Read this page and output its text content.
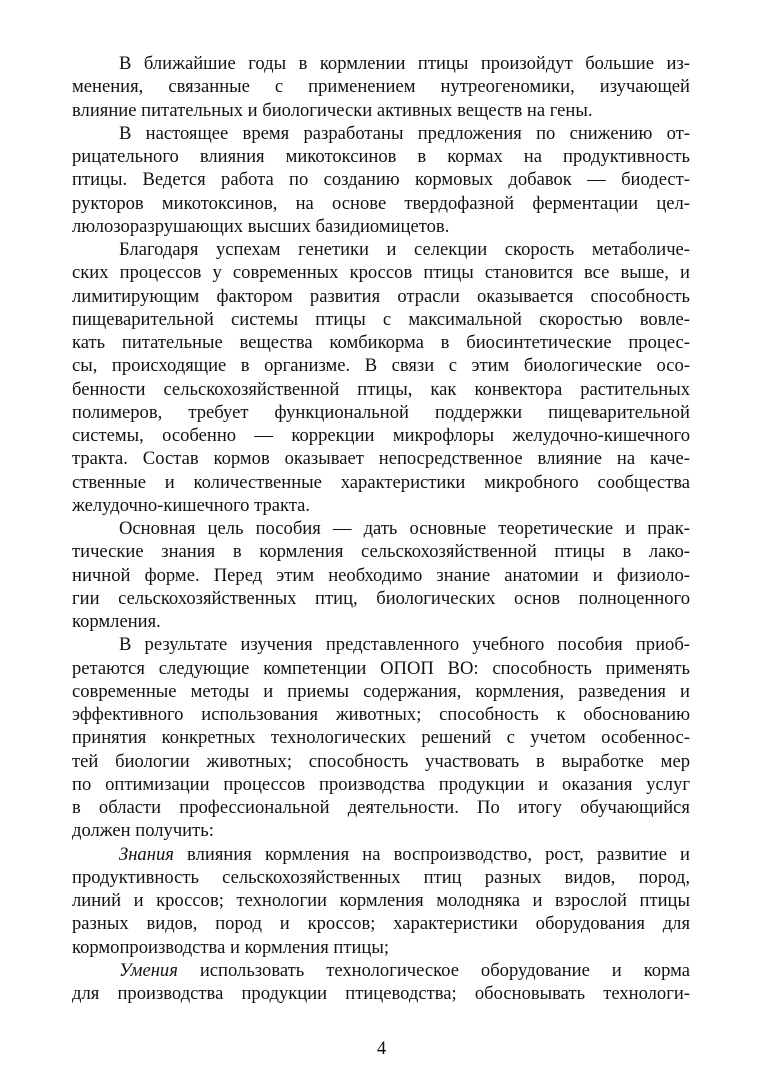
В ближайшие годы в кормлении птицы произойдут большие из-
менения, связанные с применением нутреогеномики, изучающей
влияние питательных и биологически активных веществ на гены.
В настоящее время разработаны предложения по снижению от-
рицательного влияния микотоксинов в кормах на продуктивность
птицы. Ведется работа по созданию кормовых добавок — биодест-
рукторов микотоксинов, на основе твердофазной ферментации цел-
люлозоразрушающих высших базидиомицетов.
Благодаря успехам генетики и селекции скорость метаболиче-
ских процессов у современных кроссов птицы становится все выше, и
лимитирующим фактором развития отрасли оказывается способность
пищеварительной системы птицы с максимальной скоростью вовле-
кать питательные вещества комбикорма в биосинтетические процес-
сы, происходящие в организме. В связи с этим биологические осо-
бенности сельскохозяйственной птицы, как конвектора растительных
полимеров, требует функциональной поддержки пищеварительной
системы, особенно — коррекции микрофлоры желудочно-кишечного
тракта. Состав кормов оказывает непосредственное влияние на каче-
ственные и количественные характеристики микробного сообщества
желудочно-кишечного тракта.
Основная цель пособия — дать основные теоретические и прак-
тические знания в кормления сельскохозяйственной птицы в лако-
ничной форме. Перед этим необходимо знание анатомии и физиоло-
гии сельскохозяйственных птиц, биологических основ полноценного
кормления.
В результате изучения представленного учебного пособия приоб-
ретаются следующие компетенции ОПОП ВО: способность применять
современные методы и приемы содержания, кормления, разведения и
эффективного использования животных; способность к обоснованию
принятия конкретных технологических решений с учетом особеннос-
тей биологии животных; способность участвовать в выработке мер
по оптимизации процессов производства продукции и оказания услуг
в области профессиональной деятельности. По итогу обучающийся
должен получить:
Знания влияния кормления на воспроизводство, рост, развитие и
продуктивность сельскохозяйственных птиц разных видов, пород,
линий и кроссов; технологии кормления молодняка и взрослой птицы
разных видов, пород и кроссов; характеристики оборудования для
кормопроизводства и кормления птицы;
Умения использовать технологическое оборудование и корма
для производства продукции птицеводства; обосновывать технологи-
4
